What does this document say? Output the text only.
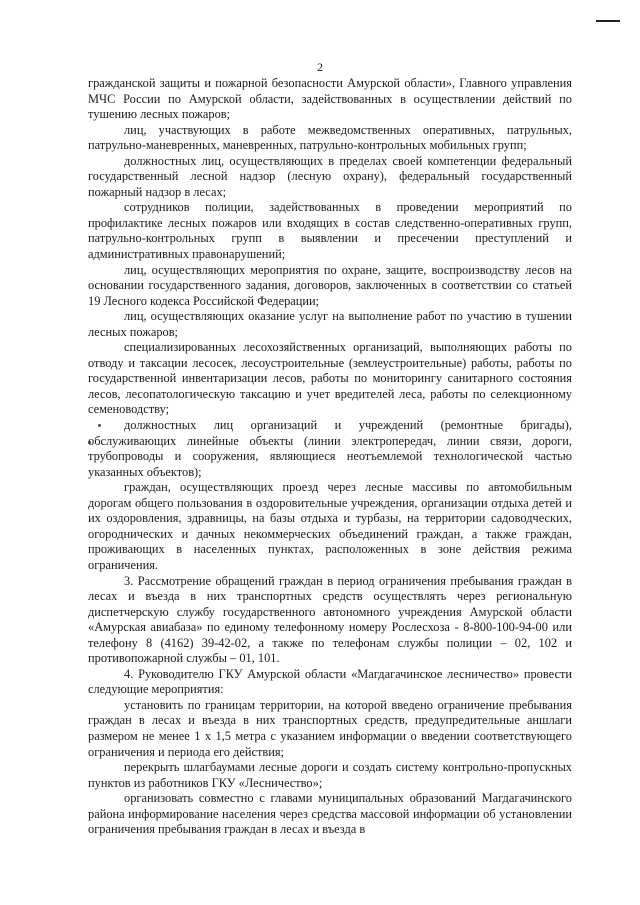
2

гражданской защиты и пожарной безопасности Амурской области», Главного управления МЧС России по Амурской области, задействованных в осуществлении действий по тушению лесных пожаров;

лиц, участвующих в работе межведомственных оперативных, патрульных, патрульно-маневренных, маневренных, патрульно-контрольных мобильных групп;

должностных лиц, осуществляющих в пределах своей компетенции федеральный государственный лесной надзор (лесную охрану), федеральный государственный пожарный надзор в лесах;

сотрудников полиции, задействованных в проведении мероприятий по профилактике лесных пожаров или входящих в состав следственно-оперативных групп, патрульно-контрольных групп в выявлении и пресечении преступлений и административных правонарушений;

лиц, осуществляющих мероприятия по охране, защите, воспроизводству лесов на основании государственного задания, договоров, заключенных в соответствии со статьей 19 Лесного кодекса Российской Федерации;

лиц, осуществляющих оказание услуг на выполнение работ по участию в тушении лесных пожаров;

специализированных лесохозяйственных организаций, выполняющих работы по отводу и таксации лесосек, лесоустроительные (землеустроительные) работы, работы по государственной инвентаризации лесов, работы по мониторингу санитарного состояния лесов, лесопатологическую таксацию и учет вредителей леса, работы по селекционному семеноводству;

должностных лиц организаций и учреждений (ремонтные бригады), обслуживающих линейные объекты (линии электропередач, линии связи, дороги, трубопроводы и сооружения, являющиеся неотъемлемой технологической частью указанных объектов);

граждан, осуществляющих проезд через лесные массивы по автомобильным дорогам общего пользования в оздоровительные учреждения, организации отдыха детей и их оздоровления, здравницы, на базы отдыха и турбазы, на территории садоводческих, огороднических и дачных некоммерческих объединений граждан, а также граждан, проживающих в населенных пунктах, расположенных в зоне действия режима ограничения.

3. Рассмотрение обращений граждан в период ограничения пребывания граждан в лесах и въезда в них транспортных средств осуществлять через региональную диспетчерскую службу государственного автономного учреждения Амурской области «Амурская авиабаза» по единому телефонному номеру Рослесхоза - 8-800-100-94-00 или телефону 8 (4162) 39-42-02, а также по телефонам службы полиции – 02, 102 и противопожарной службы – 01, 101.

4. Руководителю ГКУ Амурской области «Магдагачинское лесничество» провести следующие мероприятия:

установить по границам территории, на которой введено ограничение пребывания граждан в лесах и въезда в них транспортных средств, предупредительные аншлаги размером не менее 1 х 1,5 метра с указанием информации о введении соответствующего ограничения и периода его действия;

перекрыть шлагбаумами лесные дороги и создать систему контрольно-пропускных пунктов из работников ГКУ «Лесничество»;

организовать совместно с главами муниципальных образований Магдагачинского района информирование населения через средства массовой информации об установлении ограничения пребывания граждан в лесах и въезда в
